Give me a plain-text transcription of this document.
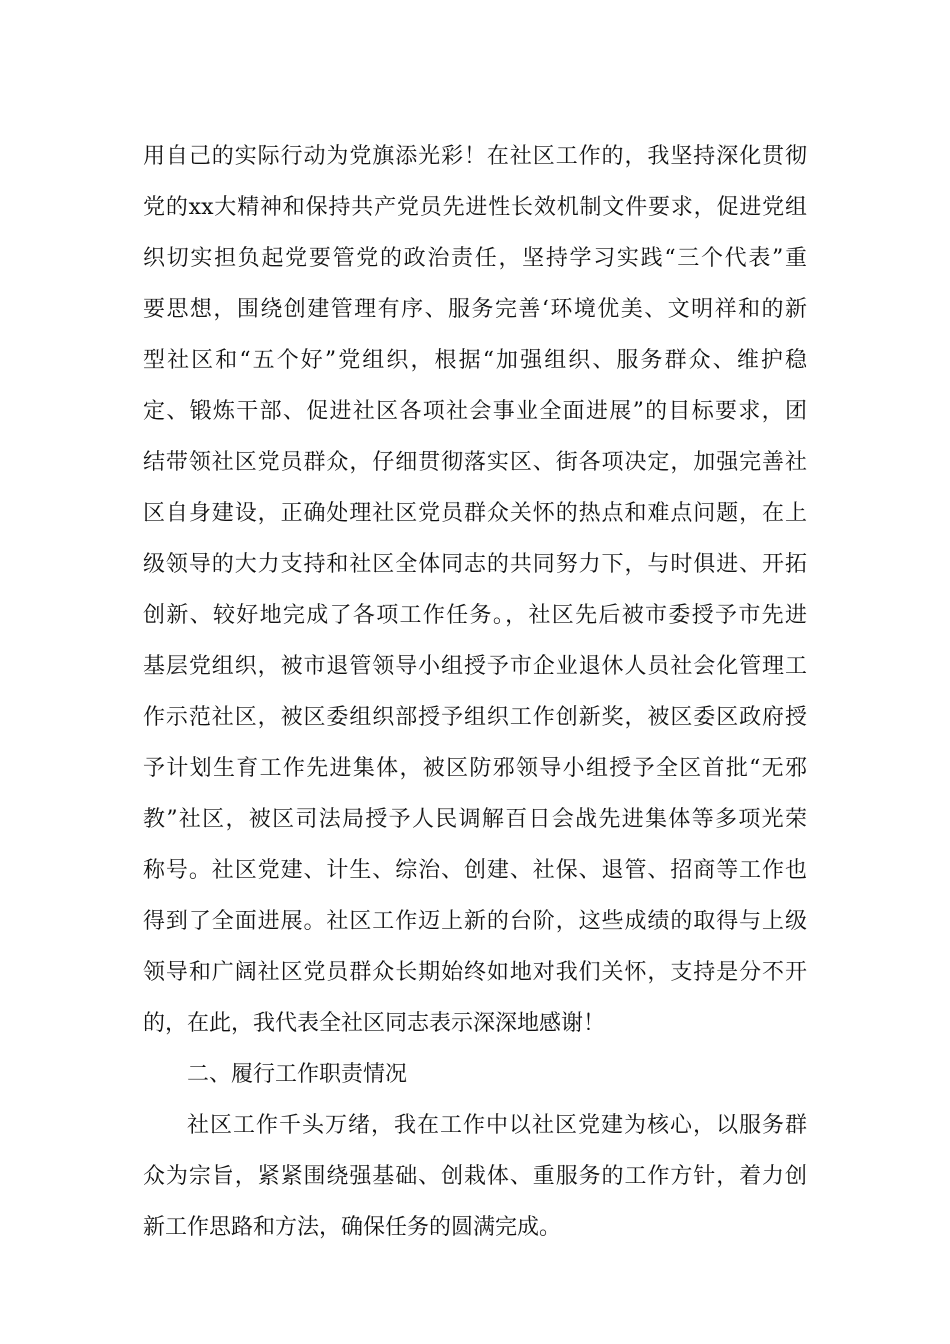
用自己的实际行动为党旗添光彩！在社区工作的，我坚持深化贯彻
党的xx大精神和保持共产党员先进性长效机制文件要求，促进党组
织切实担负起党要管党的政治责任，坚持学习实践“三个代表”重
要思想，围绕创建管理有序、服务完善‘环境优美、文明祥和的新
型社区和“五个好”党组织，根据“加强组织、服务群众、维护稳
定、锻炼干部、促进社区各项社会事业全面进展”的目标要求，团
结带领社区党员群众，仔细贯彻落实区、街各项决定，加强完善社
区自身建设，正确处理社区党员群众关怀的热点和难点问题，在上
级领导的大力支持和社区全体同志的共同努力下，与时俱进、开拓
创新、较好地完成了各项工作任务。，社区先后被市委授予市先进
基层党组织，被市退管领导小组授予市企业退休人员社会化管理工
作示范社区，被区委组织部授予组织工作创新奖，被区委区政府授
予计划生育工作先进集体，被区防邪领导小组授予全区首批“无邪
教”社区，被区司法局授予人民调解百日会战先进集体等多项光荣
称号。社区党建、计生、综治、创建、社保、退管、招商等工作也
得到了全面进展。社区工作迈上新的台阶，这些成绩的取得与上级
领导和广阔社区党员群众长期始终如地对我们关怀，支持是分不开
的，在此，我代表全社区同志表示深深地感谢！
二、履行工作职责情况
社区工作千头万绪，我在工作中以社区党建为核心，以服务群
众为宗旨，紧紧围绕强基础、创栽体、重服务的工作方针，着力创
新工作思路和方法，确保任务的圆满完成。
